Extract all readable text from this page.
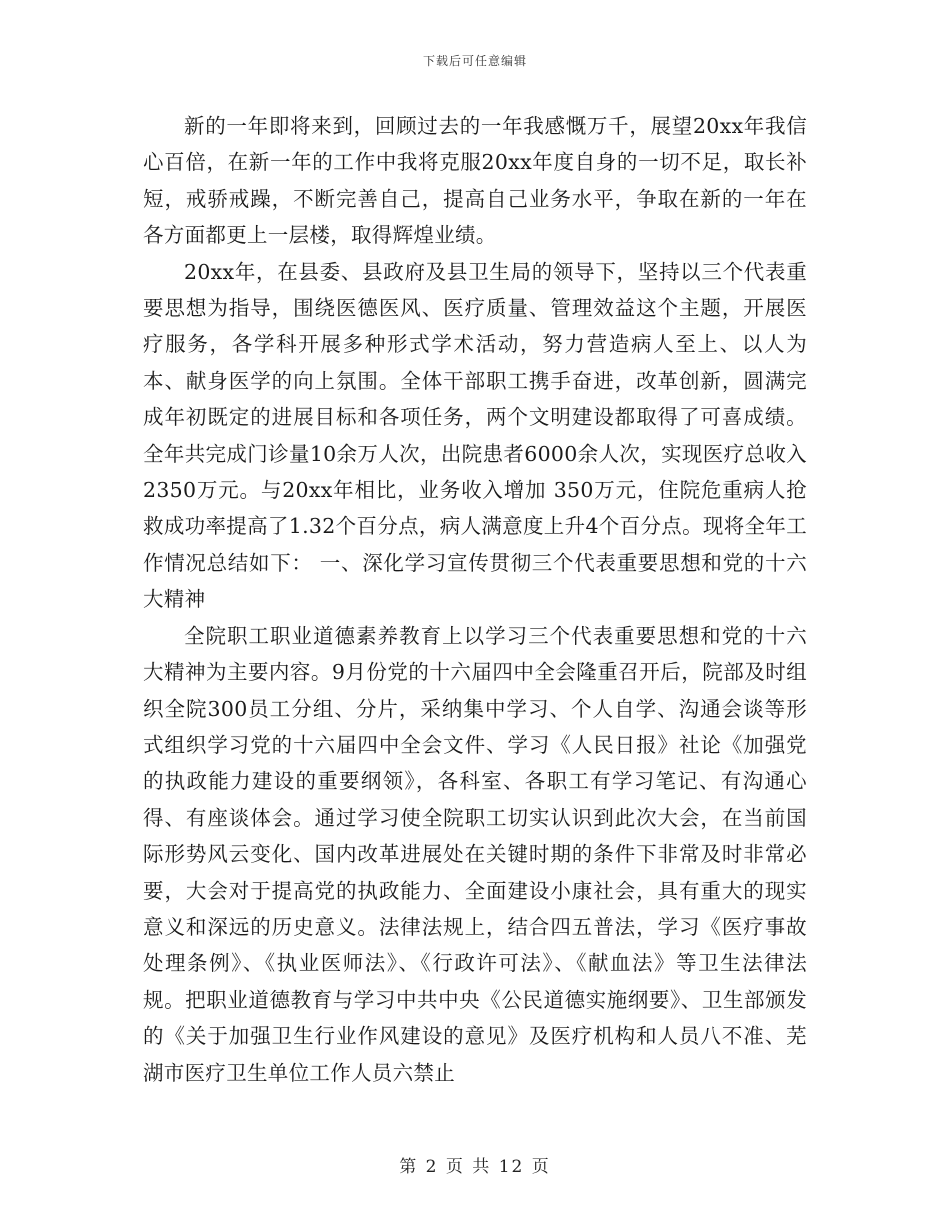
下载后可任意编辑

新的一年即将来到，回顾过去的一年我感慨万千，展望20xx年我信心百倍，在新一年的工作中我将克服20xx年度自身的一切不足，取长补短，戒骄戒躁，不断完善自己，提高自己业务水平，争取在新的一年在各方面都更上一层楼，取得辉煌业绩。

20xx年，在县委、县政府及县卫生局的领导下，坚持以三个代表重要思想为指导，围绕医德医风、医疗质量、管理效益这个主题，开展医疗服务，各学科开展多种形式学术活动，努力营造病人至上、以人为本、献身医学的向上氛围。全体干部职工携手奋进，改革创新，圆满完成年初既定的进展目标和各项任务，两个文明建设都取得了可喜成绩。全年共完成门诊量10余万人次，出院患者6000余人次，实现医疗总收入2350万元。与20xx年相比，业务收入增加 350万元，住院危重病人抢救成功率提高了1.32个百分点，病人满意度上升4个百分点。现将全年工作情况总结如下： 一、深化学习宣传贯彻三个代表重要思想和党的十六大精神

全院职工职业道德素养教育上以学习三个代表重要思想和党的十六大精神为主要内容。9月份党的十六届四中全会隆重召开后，院部及时组织全院300员工分组、分片，采纳集中学习、个人自学、沟通会谈等形式组织学习党的十六届四中全会文件、学习《人民日报》社论《加强党的执政能力建设的重要纲领》，各科室、各职工有学习笔记、有沟通心得、有座谈体会。通过学习使全院职工切实认识到此次大会，在当前国际形势风云变化、国内改革进展处在关键时期的条件下非常及时非常必要，大会对于提高党的执政能力、全面建设小康社会，具有重大的现实意义和深远的历史意义。法律法规上，结合四五普法，学习《医疗事故处理条例》、《执业医师法》、《行政许可法》、《献血法》等卫生法律法规。把职业道德教育与学习中共中央《公民道德实施纲要》、卫生部颁发的《关于加强卫生行业作风建设的意见》及医疗机构和人员八不准、芜湖市医疗卫生单位工作人员六禁止

第 2 页 共 12 页
